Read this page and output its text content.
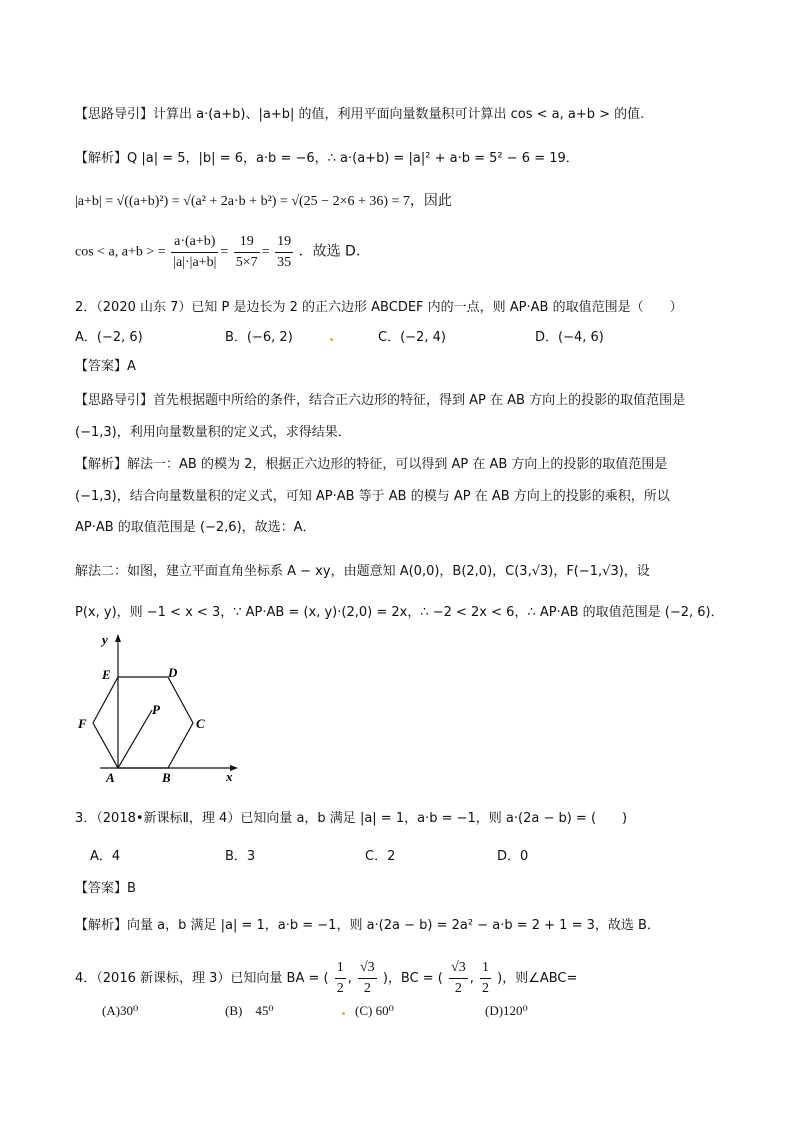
【思路导引】计算出 a·(a+b)、|a+b| 的值，利用平面向量数量积可计算出 cos < a, a+b > 的值.
【解析】Q |a| = 5，|b| = 6，a·b = −6，∴ a·(a+b) = |a|² + a·b = 5² − 6 = 19．
|a+b| = √((a+b)²) = √(a² + 2a·b + b²) = √(25 − 2×6 + 36) = 7，因此
cos < a, a+b > = $\frac{a\cdot(a+b)}{|a|\cdot|a+b|} = \frac{19}{5\times 7} = \frac{19}{35}$ ．故选 D．
2．（2020 山东 7）已知 P 是边长为 2 的正六边形 ABCDEF 内的一点，则 AP·AB 的取值范围是（　　）
A．(−2, 6)	B．(−6, 2)	C．(−2, 4)	D．(−4, 6)
【答案】A
【思路导引】首先根据题中所给的条件，结合正六边形的特征，得到 AP 在 AB 方向上的投影的取值范围是
(−1,3)，利用向量数量积的定义式，求得结果．
【解析】解法一：AB 的模为 2，根据正六边形的特征，可以得到 AP 在 AB 方向上的投影的取值范围是
(−1,3)，结合向量数量积的定义式，可知 AP·AB 等于 AB 的模与 AP 在 AB 方向上的投影的乘积，所以
AP·AB 的取值范围是 (−2,6)，故选：A．
解法二：如图，建立平面直角坐标系 A − xy，由题意知 A(0,0)，B(2,0)，C(3,√3)，F(−1,√3)，设
P(x, y)，则 −1 < x < 3，∵ AP·AB = (x, y)·(2,0) = 2x，∴ −2 < 2x < 6，∴ AP·AB 的取值范围是 (−2, 6)．
y
x
A	B
C
D
E
F
P
3．（2018•新课标Ⅱ，理 4）已知向量 a，b 满足 |a| = 1，a·b = −1，则 a·(2a − b) = (　　)
A．4	B．3	C．2	D．0
【答案】B
【解析】向量 a，b 满足 |a| = 1，a·b = −1，则 a·(2a − b) = 2a² − a·b = 2 + 1 = 3，故选 B．
4．（2016 新课标，理 3）已知向量 BA = ( $\frac{1}{2}$ , $\frac{√3}{2}$ )，BC = ( $\frac{√3}{2}$ , $\frac{1}{2}$ )，则∠ABC=
(A)30⁰	(B)　45⁰	(C) 60⁰	(D)120⁰
